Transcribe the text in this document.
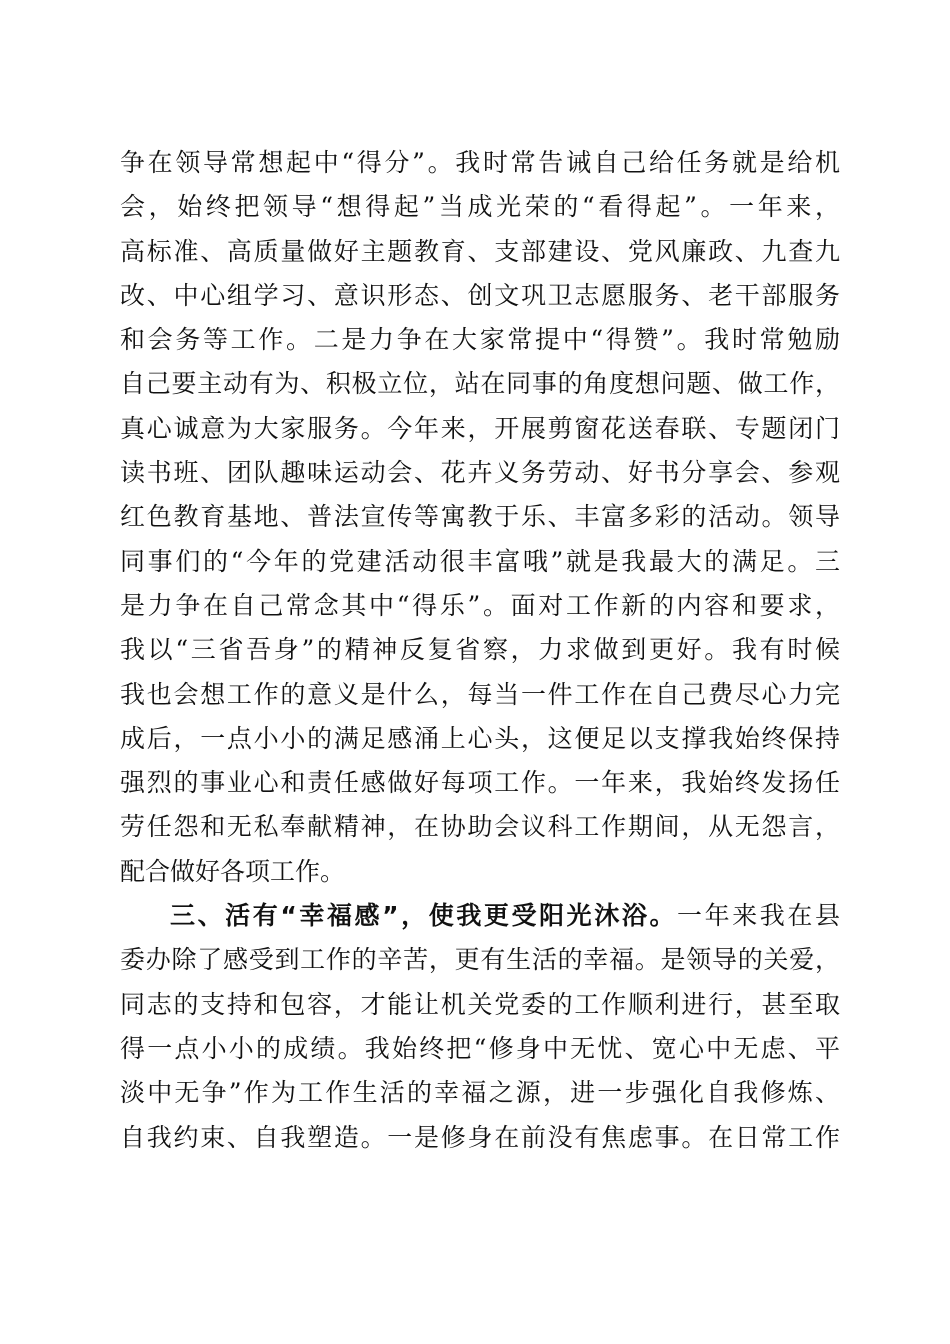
争在领导常想起中“得分”。我时常告诫自己给任务就是给机
会，始终把领导“想得起”当成光荣的“看得起”。一年来，
高标准、高质量做好主题教育、支部建设、党风廉政、九查九
改、中心组学习、意识形态、创文巩卫志愿服务、老干部服务
和会务等工作。二是力争在大家常提中“得赞”。我时常勉励
自己要主动有为、积极立位，站在同事的角度想问题、做工作，
真心诚意为大家服务。今年来，开展剪窗花送春联、专题闭门
读书班、团队趣味运动会、花卉义务劳动、好书分享会、参观
红色教育基地、普法宣传等寓教于乐、丰富多彩的活动。领导
同事们的“今年的党建活动很丰富哦”就是我最大的满足。三
是力争在自己常念其中“得乐”。面对工作新的内容和要求，
我以“三省吾身”的精神反复省察，力求做到更好。我有时候
我也会想工作的意义是什么，每当一件工作在自己费尽心力完
成后，一点小小的满足感涌上心头，这便足以支撑我始终保持
强烈的事业心和责任感做好每项工作。一年来，我始终发扬任
劳任怨和无私奉献精神，在协助会议科工作期间，从无怨言，
配合做好各项工作。
三、活有“幸福感”，使我更受阳光沐浴。一年来我在县
委办除了感受到工作的辛苦，更有生活的幸福。是领导的关爱，
同志的支持和包容，才能让机关党委的工作顺利进行，甚至取
得一点小小的成绩。我始终把“修身中无忧、宽心中无虑、平
淡中无争”作为工作生活的幸福之源，进一步强化自我修炼、
自我约束、自我塑造。一是修身在前没有焦虑事。在日常工作
